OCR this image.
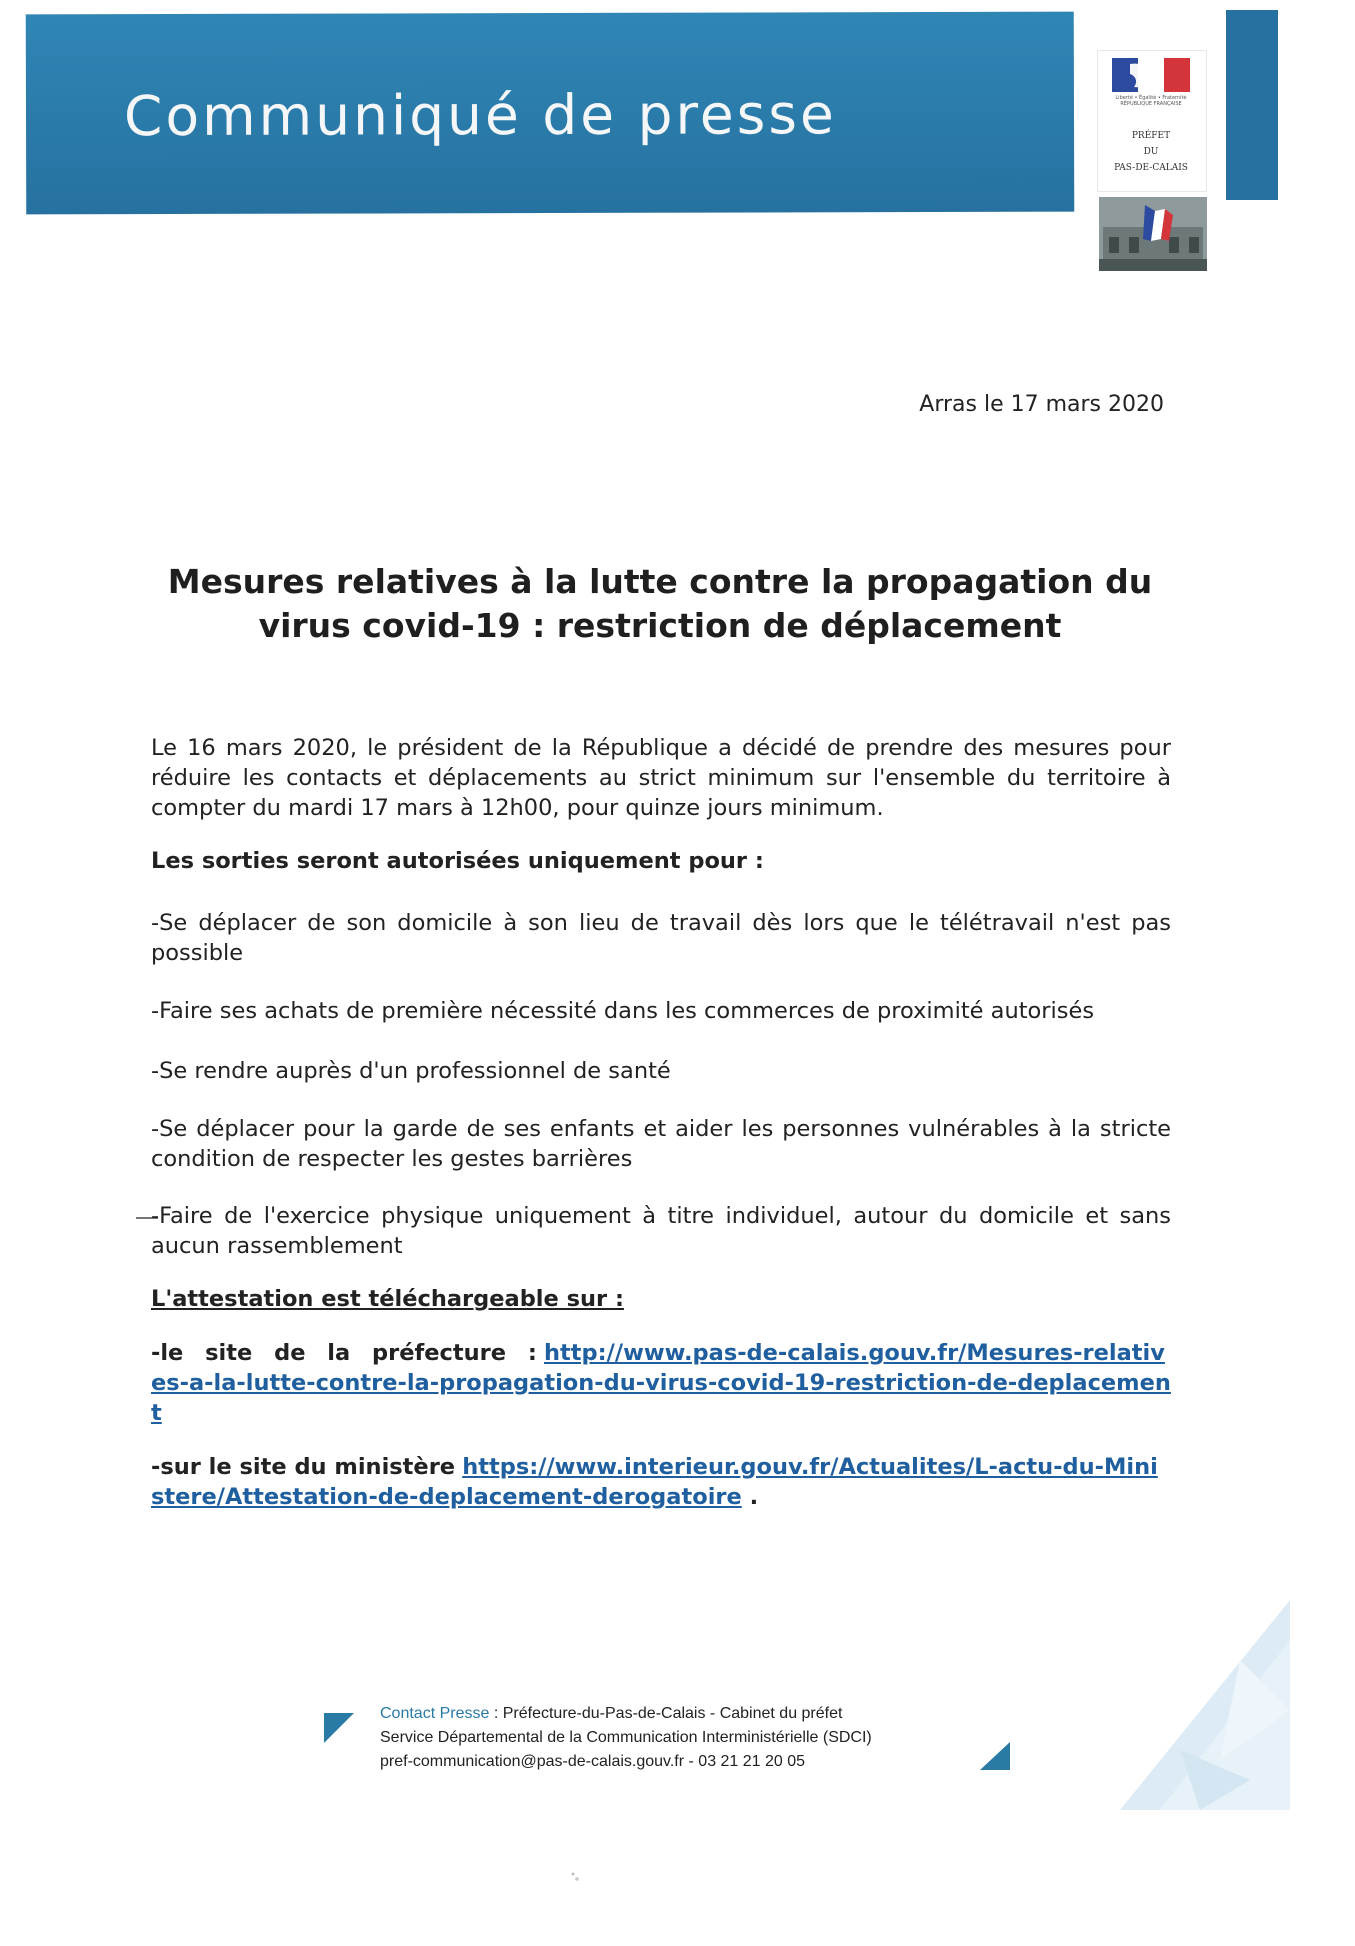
Communiqué de presse	Liberté • Égalité • Fraternité RÉPUBLIQUE FRANÇAISE
PRÉFET
DU
PAS-DE-CALAIS
Arras le 17 mars 2020
Mesures relatives à la lutte contre la propagation du
virus covid-19 : restriction de déplacement
Le 16 mars 2020, le président de la République a décidé de prendre des mesures pour réduire les contacts et déplacements au strict minimum sur l'ensemble du territoire à compter du mardi 17 mars à 12h00, pour quinze jours minimum.
Les sorties seront autorisées uniquement pour :
-Se déplacer de son domicile à son lieu de travail dès lors que le télétravail n'est pas possible
-Faire ses achats de première nécessité dans les commerces de proximité autorisés
-Se rendre auprès d'un professionnel de santé
-Se déplacer pour la garde de ses enfants et aider les personnes vulnérables à la stricte condition de respecter les gestes barrières
-Faire de l'exercice physique uniquement à titre individuel, autour du domicile et sans aucun rassemblement
L'attestation est téléchargeable sur :
-le site de la préfecture : http://www.pas-de-calais.gouv.fr/Mesures-relatives-a-la-lutte-contre-la-propagation-du-virus-covid-19-restriction-de-deplacement
-sur le site du ministère https://www.interieur.gouv.fr/Actualites/L-actu-du-Ministere/Attestation-de-deplacement-derogatoire .
Contact Presse : Préfecture-du-Pas-de-Calais - Cabinet du préfet
Service Départemental de la Communication Interministérielle (SDCI)
pref-communication@pas-de-calais.gouv.fr - 03 21 21 20 05
